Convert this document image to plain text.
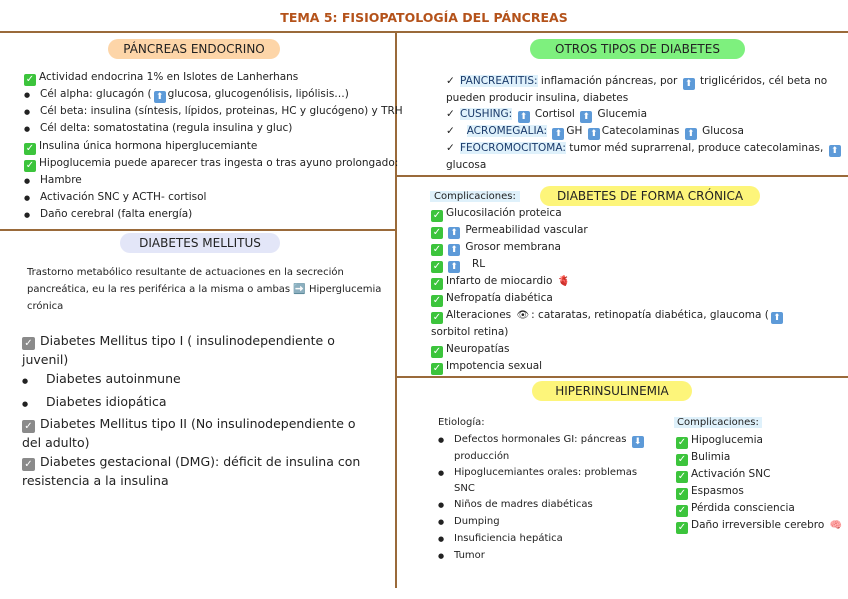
TEMA 5: FISIOPATOLOGÍA DEL PÁNCREAS
PÁNCREAS ENDOCRINO
✓ Actividad endocrina 1% en Islotes de Lanherhans
● Cél alpha: glucagón ( ⬆ glucosa, glucogenólisis, lipólisis…)
● Cél beta: insulina (síntesis, lípidos, proteinas, HC y glucógeno) y TRH
● Cél delta: somatostatina (regula insulina y gluc)
✓ Insulina única hormona hiperglucemiante
✓ Hipoglucemia puede aparecer tras ingesta o tras ayuno prolongado:
● Hambre
● Activación SNC y ACTH- cortisol
● Daño cerebral (falta energía)
DIABETES MELLITUS
Trastorno metabólico resultante de actuaciones en la secreción
pancreática, eu la res periférica a la misma o ambas ➡️ Hiperglucemia
crónica
✓ Diabetes Mellitus tipo I ( insulinodependiente o
juvenil)
● Diabetes autoinmune
● Diabetes idiopática
✓ Diabetes Mellitus tipo II (No insulinodependiente o
del adulto)
✓ Diabetes gestacional (DMG): déficit de insulina con
resistencia a la insulina
OTROS TIPOS DE DIABETES
✓ PANCREATITIS: inflamación páncreas, por ⬆ triglicéridos, cél beta no
pueden producir insulina, diabetes
✓ CUSHING: ⬆ Cortisol ⬆ Glucemia
✓ ACROMEGALIA: ⬆ GH ⬆ Catecolaminas ⬆ Glucosa
✓ FEOCROMOCITOMA: tumor méd suprarrenal, produce catecolaminas, ⬆
glucosa
DIABETES DE FORMA CRÓNICA
Complicaciones:
✓ Glucosilación proteica
✓ ⬆ Permeabilidad vascular
✓ ⬆ Grosor membrana
✓ ⬆   RL
✓ Infarto de miocardio 🫀
✓ Nefropatía diabética
✓ Alteraciones 👁 : cataratas, retinopatía diabética, glaucoma ( ⬆
sorbitol retina)
✓ Neuropatías
✓ Impotencia sexual
HIPERINSULINEMIA
Etiología:
● Defectos hormonales GI: páncreas ⬇
producción
● Hipoglucemiantes orales: problemas
SNC
● Niños de madres diabéticas
● Dumping
● Insuficiencia hepática
● Tumor
Complicaciones:
✓ Hipoglucemia
✓ Bulimia
✓ Activación SNC
✓ Espasmos
✓ Pérdida consciencia
✓ Daño irreversible cerebro 🧠
